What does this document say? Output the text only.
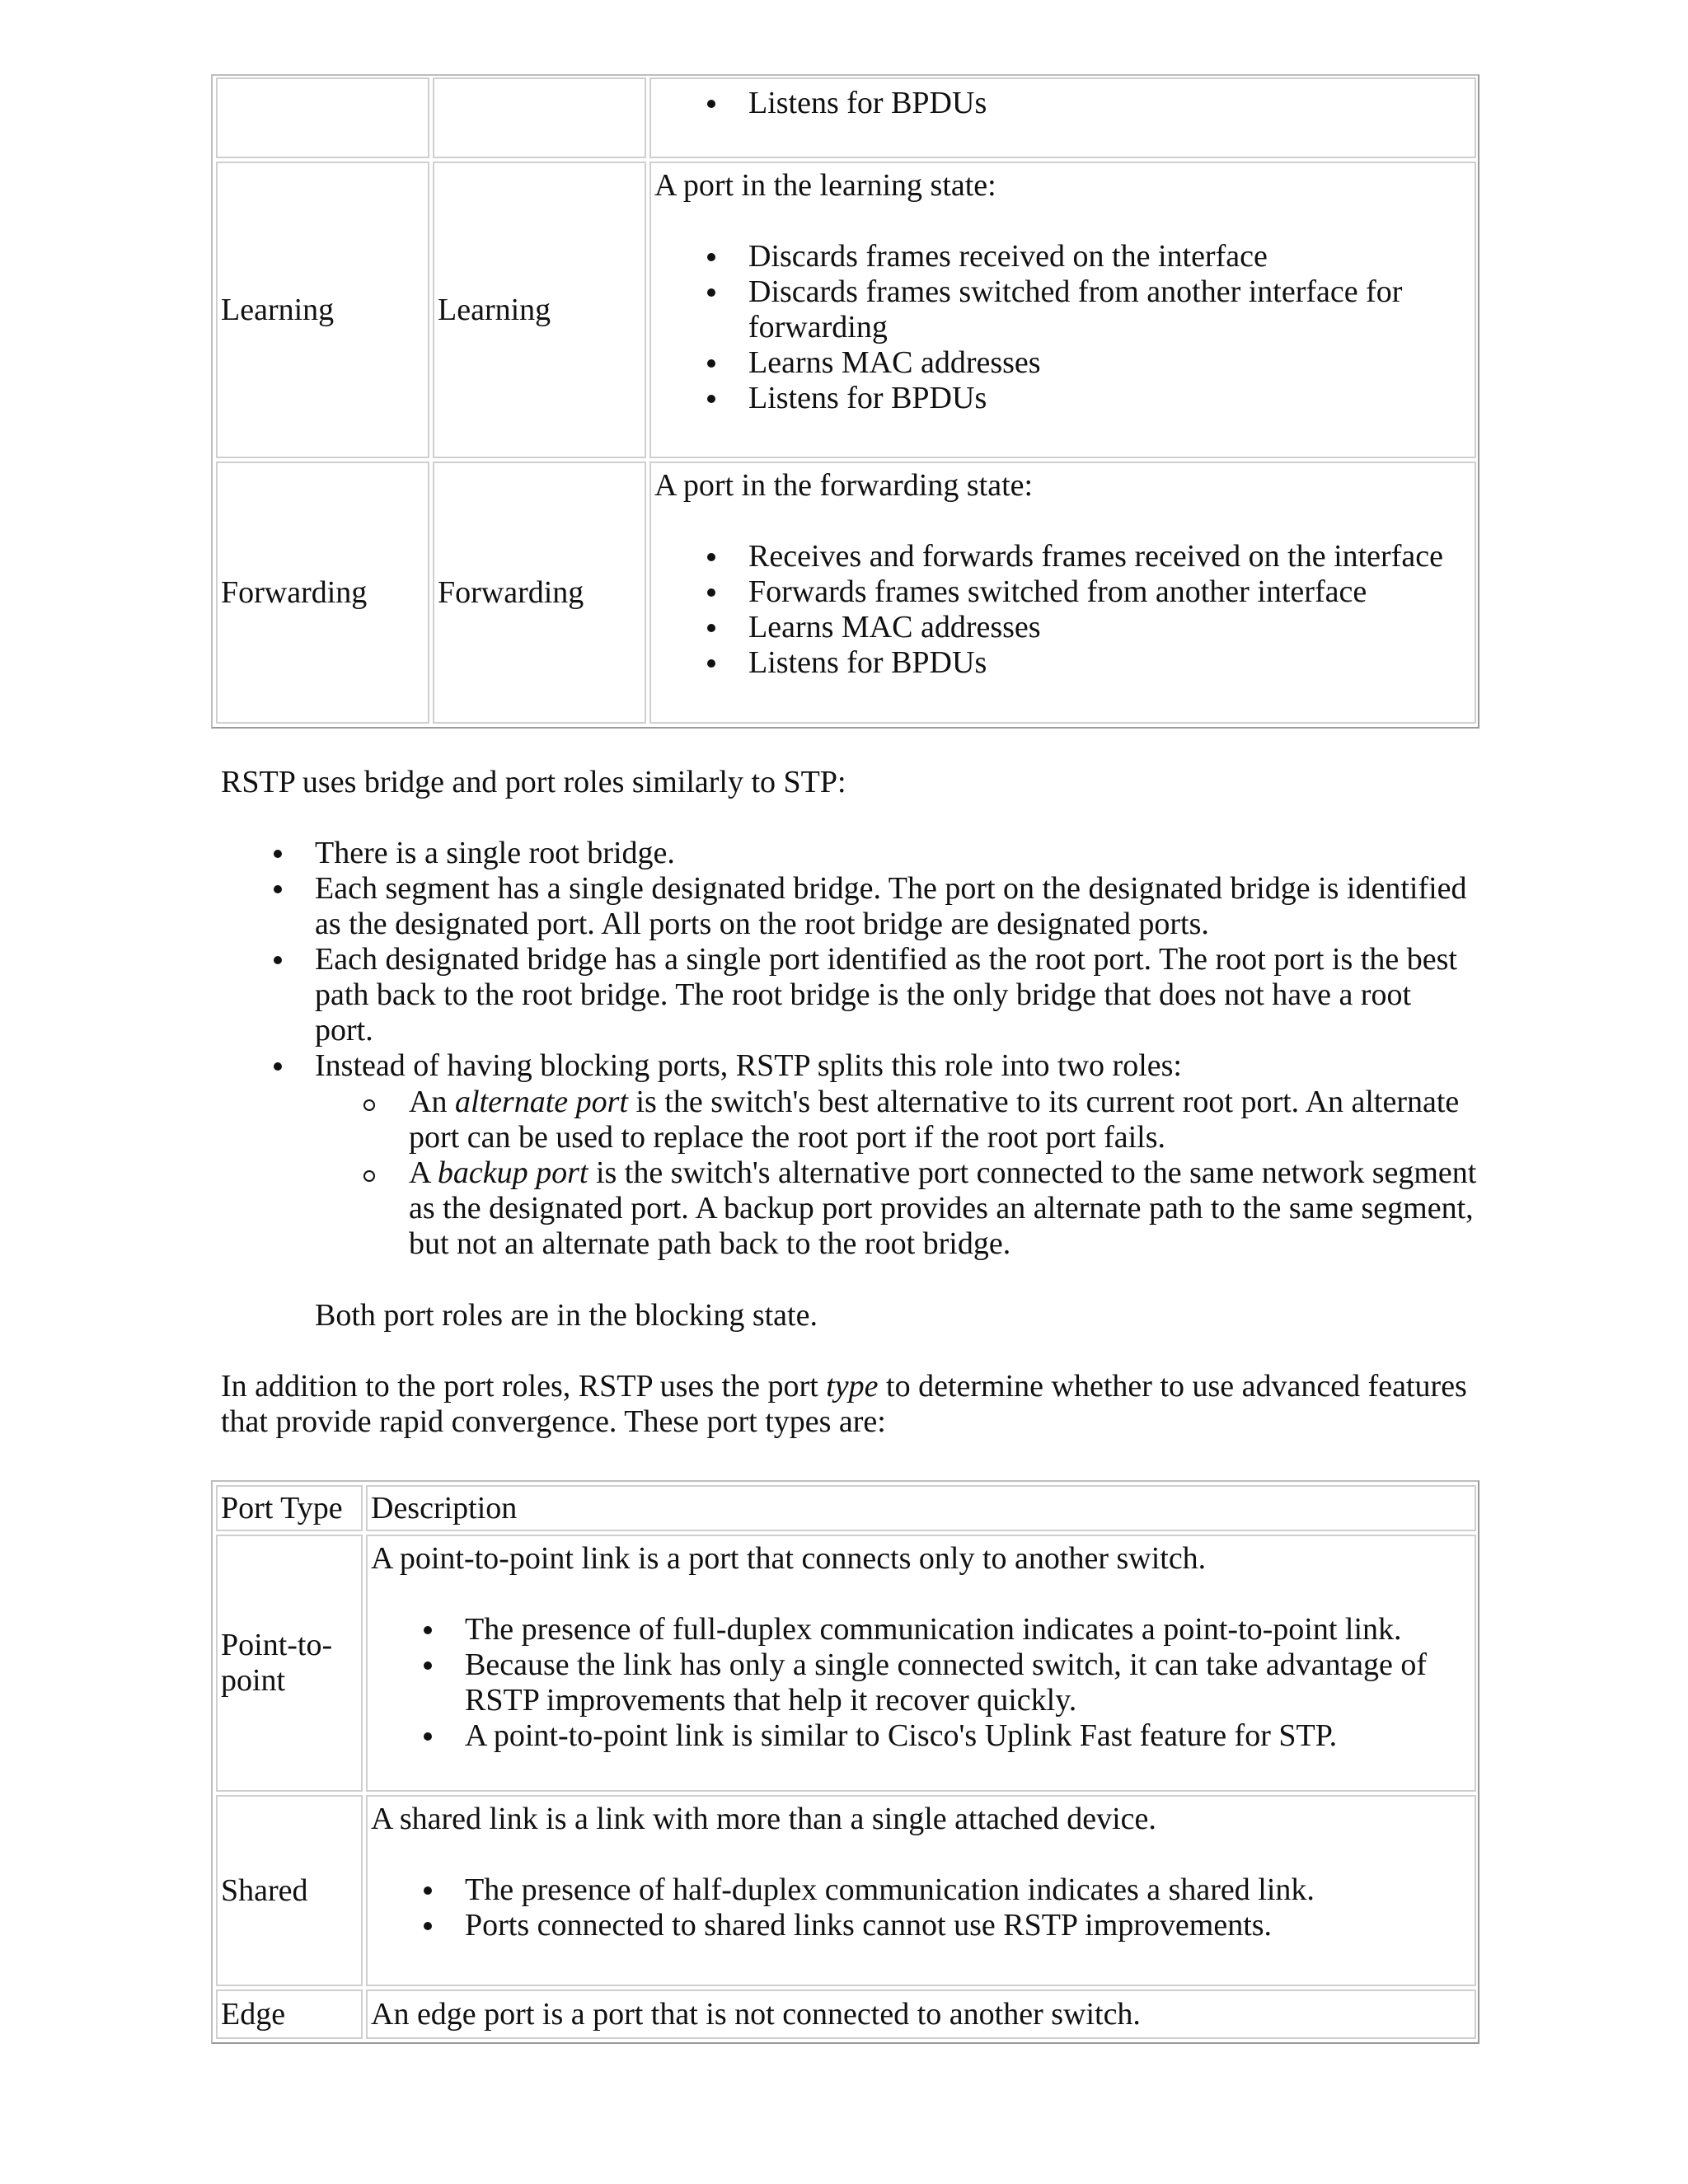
Listens for BPDUs
Learning	Learning

A port in the learning state:

Discards frames received on the interface
Discards frames switched from another interface for forwarding
Learns MAC addresses
Listens for BPDUs
Forwarding Forwarding

A port in the forwarding state:

Receives and forwards frames received on the interface
Forwards frames switched from another interface
Learns MAC addresses
Listens for BPDUs

RSTP uses bridge and port roles similarly to STP:

There is a single root bridge.
Each segment has a single designated bridge. The port on the designated bridge is identified as the designated port. All ports on the root bridge are designated ports.
Each designated bridge has a single port identified as the root port. The root port is the best path back to the root bridge. The root bridge is the only bridge that does not have a root port.
Instead of having blocking ports, RSTP splits this role into two roles:
An alternate port is the switch's best alternative to its current root port. An alternate port can be used to replace the root port if the root port fails.
A backup port is the switch's alternative port connected to the same network segment as the designated port. A backup port provides an alternate path to the same segment, but not an alternate path back to the root bridge.

Both port roles are in the blocking state.

In addition to the port roles, RSTP uses the port type to determine whether to use advanced features that provide rapid convergence. These port types are:

Port Type Description
Point-to-point

A point-to-point link is a port that connects only to another switch.

The presence of full-duplex communication indicates a point-to-point link.
Because the link has only a single connected switch, it can take advantage of RSTP improvements that help it recover quickly.
A point-to-point link is similar to Cisco's Uplink Fast feature for STP.
Shared

A shared link is a link with more than a single attached device.

The presence of half-duplex communication indicates a shared link.
Ports connected to shared links cannot use RSTP improvements.
Edge	An edge port is a port that is not connected to another switch.
